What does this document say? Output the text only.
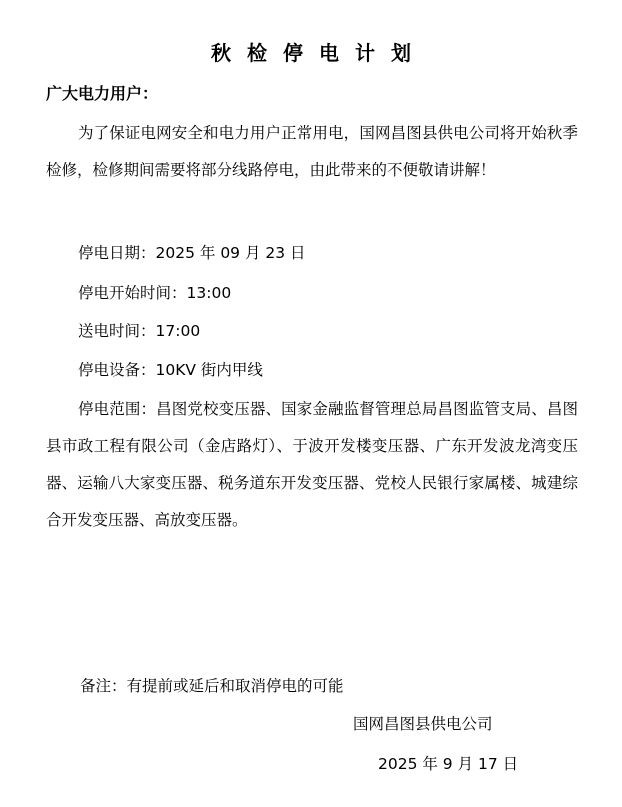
秋检停电计划
广大电力用户：

为了保证电网安全和电力用户正常用电，国网昌图县供电公司将开始秋季检修，检修期间需要将部分线路停电，由此带来的不便敬请讲解！

停电日期：2025 年 09 月 23 日
停电开始时间：13:00
送电时间：17:00
停电设备：10KV 街内甲线

停电范围：昌图党校变压器、国家金融监督管理总局昌图监管支局、昌图县市政工程有限公司（金店路灯）、于波开发楼变压器、广东开发波龙湾变压器、运输八大家变压器、税务道东开发变压器、党校人民银行家属楼、城建综合开发变压器、高放变压器。

备注：有提前或延后和取消停电的可能
国网昌图县供电公司
2025 年 9 月 17 日
